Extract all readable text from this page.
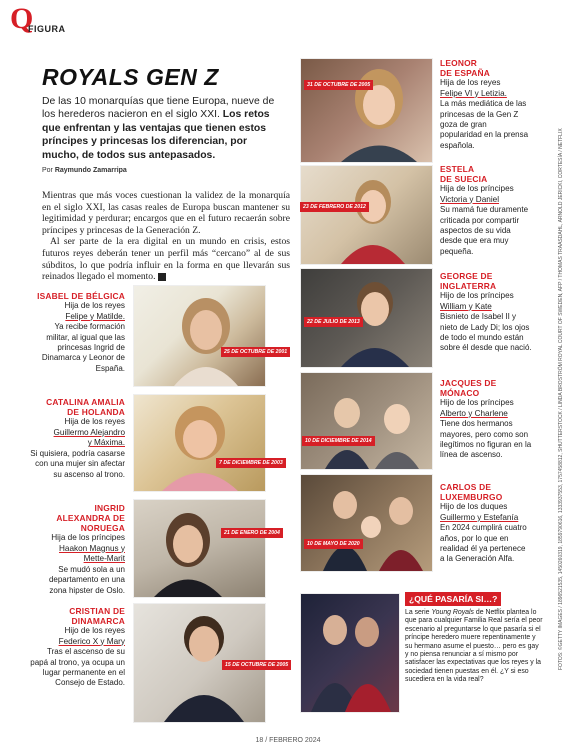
Q
FIGURA
ROYALS GEN Z
De las 10 monarquías que tiene Europa, nueve de los herederos nacieron en el siglo XXI. Los retos que enfrentan y las ventajas que tienen estos príncipes y princesas los diferencian, por mucho, de todos sus antepasados.
Por Raymundo Zamarripa

Mientras que más voces cuestionan la validez de la monarquía en el siglo XXI, las casas reales de Europa buscan mantener su legitimidad y perdurar; encargos que en el futuro recaerán sobre príncipes y princesas de la Generación Z.

Al ser parte de la era digital en un mundo en crisis, estos futuros reyes deberán tener un perfil más “cercano” al de sus súbditos, lo que podría influir en la forma en que llevarán sus reinados llegado el momento. Q

ISABEL DE BÉLGICA
Hija de los reyes
Felipe y Matilde.
Ya recibe formación militar, al igual que las princesas Ingrid de Dinamarca y Leonor de España.
25 DE OCTUBRE DE 2001
CATALINA AMALIA
DE HOLANDA
Hija de los reyes
Guillermo Alejandro
y Máxima.
Si quisiera, podría casarse con una mujer sin afectar su ascenso al trono.
7 DE DICIEMBRE DE 2003
INGRID
ALEXANDRA DE
NORUEGA
Hija de los príncipes
Haakon Magnus y
Mette-Marit
Se mudó sola a un departamento en una zona hipster de Oslo.
21 DE ENERO DE 2004
CRISTIAN DE
DINAMARCA
Hijo de los reyes
Federico X y Mary
Tras el ascenso de su papá al trono, ya ocupa un lugar permanente en el Consejo de Estado.
15 DE OCTUBRE DE 2005
31 DE OCTUBRE DE 2005
23 DE FEBRERO DE 2012
22 DE JULIO DE 2013
10 DE DICIEMBRE DE 2014
10 DE MAYO DE 2020
LEONOR
DE ESPAÑA
Hija de los reyes
Felipe VI y Letizia.
La más mediática de las princesas de la Gen Z goza de gran popularidad en la prensa española.
ESTELA
DE SUECIA
Hija de los príncipes
Victoria y Daniel
Su mamá fue duramente criticada por compartir aspectos de su vida desde que era muy pequeña.
GEORGE DE
INGLATERRA
Hijo de los príncipes
William y Kate
Bisnieto de Isabel II y nieto de Lady Di; los ojos de todo el mundo están sobre él desde que nació.
JACQUES DE
MÓNACO
Hijo de los príncipes
Alberto y Charlene
Tiene dos hermanos mayores, pero como son ilegítimos no figuran en la línea de ascenso.
CARLOS DE
LUXEMBURGO
Hijo de los duques
Guillermo y Estefanía
En 2024 cumplirá cuatro años, por lo que en realidad él ya pertenece a la Generación Alfa.
¿QUÉ PASARÍA SI…?
La serie Young Royals de Netflix plantea lo que para cualquier Familia Real sería el peor escenario al preguntarse lo que pasaría si el príncipe heredero muere repentinamente y su hermano asume el puesto… pero es gay y no piensa renunciar a sí mismo por satisfacer las expectativas que los reyes y la sociedad tienen puestas en él. ¿Y si eso sucediera en la vida real?
FOTOS: ©GETTY IMAGES / 1896521535, 1450260319, 1859790616, 1333937553, 1757458812, SHUTTERSTOCK / LINDA BROSTRÖM ROYAL COURT OF SWEDEN, AFP / THOMAS TRAASDAHL, ARNOLD JERICKI, CORTESÍA / NETFLIX
18 / FEBRERO 2024
